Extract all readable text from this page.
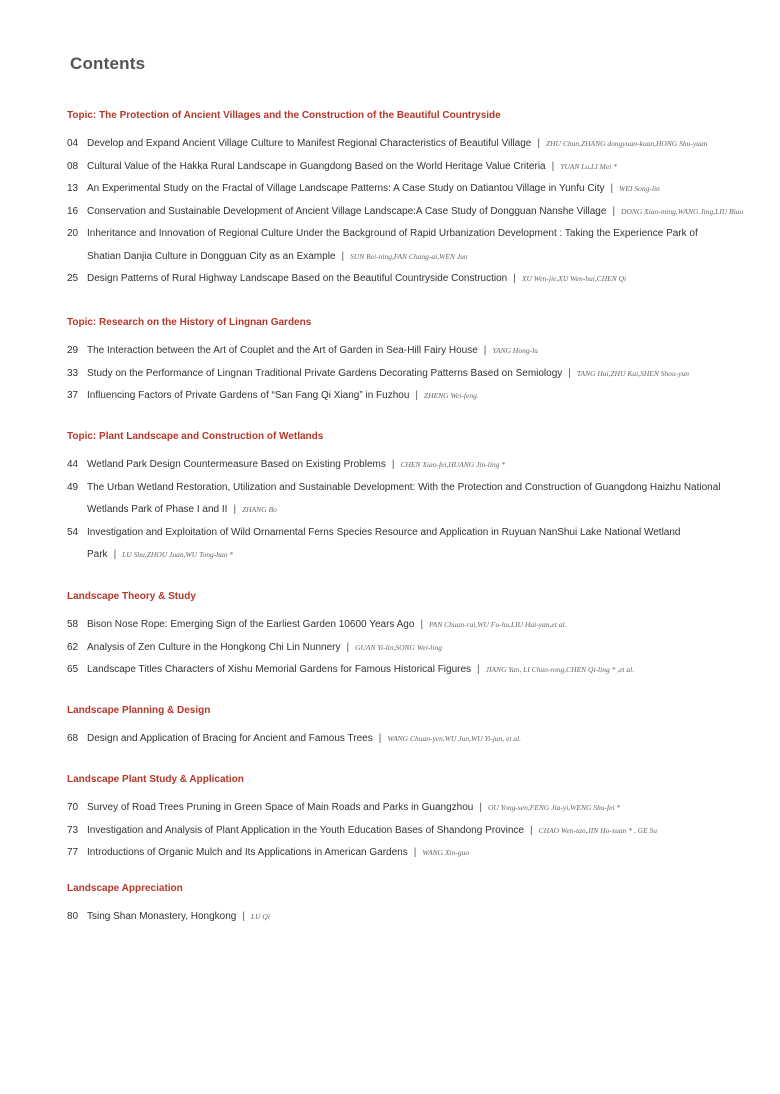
Contents
Topic: The Protection of Ancient Villages and the Construction of the Beautiful Countryside
04 Develop and Expand Ancient Village Culture to Manifest Regional Characteristics of Beautiful Village | ZHU Chun,ZHANG dongyuan-kuan,HONG Shu-yuan
08 Cultural Value of the Hakka Rural Landscape in Guangdong Based on the World Heritage Value Criteria | YUAN Lu,LI Mei *
13 An Experimental Study on the Fractal of Village Landscape Patterns: A Case Study on Datiantou Village in Yunfu City | WEI Song-lin
16 Conservation and Sustainable Development of Ancient Village Landscape:A Case Study of Dongguan Nanshe Village | DONG Xiao-ming,WANG Jing,LIU Biao
20 Inheritance and Innovation of Regional Culture Under the Background of Rapid Urbanization Development : Taking the Experience Park of Shatian Danjia Culture in Dongguan City as an Example | SUN Bei-ning,FAN Chang-ai,WEN Jun
25 Design Patterns of Rural Highway Landscape Based on the Beautiful Countryside Construction | XU Wen-jie,XU Wen-hui,CHEN Qi
Topic: Research on the History of Lingnan Gardens
29 The Interaction between the Art of Couplet and the Art of Garden in Sea-Hill Fairy House | YANG Hong-lu
33 Study on the Performance of Lingnan Traditional Private Gardens Decorating Patterns Based on Semiology | TANG Hui,ZHU Kai,SHEN Shou-yun
37 Influencing Factors of Private Gardens of “San Fang Qi Xiang” in Fuzhou | ZHENG Wei-feng
Topic: Plant Landscape and Construction of Wetlands
44 Wetland Park Design Countermeasure Based on Existing Problems | CHEN Xiao-fei,HUANG Jin-ling *
49 The Urban Wetland Restoration, Utilization and Sustainable Development: With the Protection and Construction of Guangdong Haizhu National Wetlands Park of Phase I and II | ZHANG Bo
54 Investigation and Exploitation of Wild Ornamental Ferns Species Resource and Application in Ruyuan NanShui Lake National Wetland Park | LU Shu,ZHOU Juan,WU Tong-hao *
Landscape Theory & Study
58 Bison Nose Rope: Emerging Sign of the Earliest Garden 10600 Years Ago | PAN Chuan-rui,WU Fu-hu,LIU Hai-yan,et al.
62 Analysis of Zen Culture in the Hongkong Chi Lin Nunnery | GUAN Yi-lin,SONG Wei-ling
65 Landscape Titles Characters of Xishu Memorial Gardens for Famous Historical Figures | JIANG Yan, LI Chun-rong,CHEN Qi-ling * ,et al.
Landscape Planning & Design
68 Design and Application of Bracing for Ancient and Famous Trees | WANG Chuan-yen,WU Jun,WU Yi-jun, et al.
Landscape Plant Study & Application
70 Survey of Road Trees Pruning in Green Space of Main Roads and Parks in Guangzhou | OU Yong-sen,FENG Jia-yi,WENG Shu-fei *
73 Investigation and Analysis of Plant Application in the Youth Education Bases of Shandong Province | CHAO Wen-tao,JIN Ho-xuan * , GE Su
77 Introductions of Organic Mulch and Its Applications in American Gardens | WANG Xin-guo
Landscape Appreciation
80 Tsing Shan Monastery, Hongkong | LU Qi
